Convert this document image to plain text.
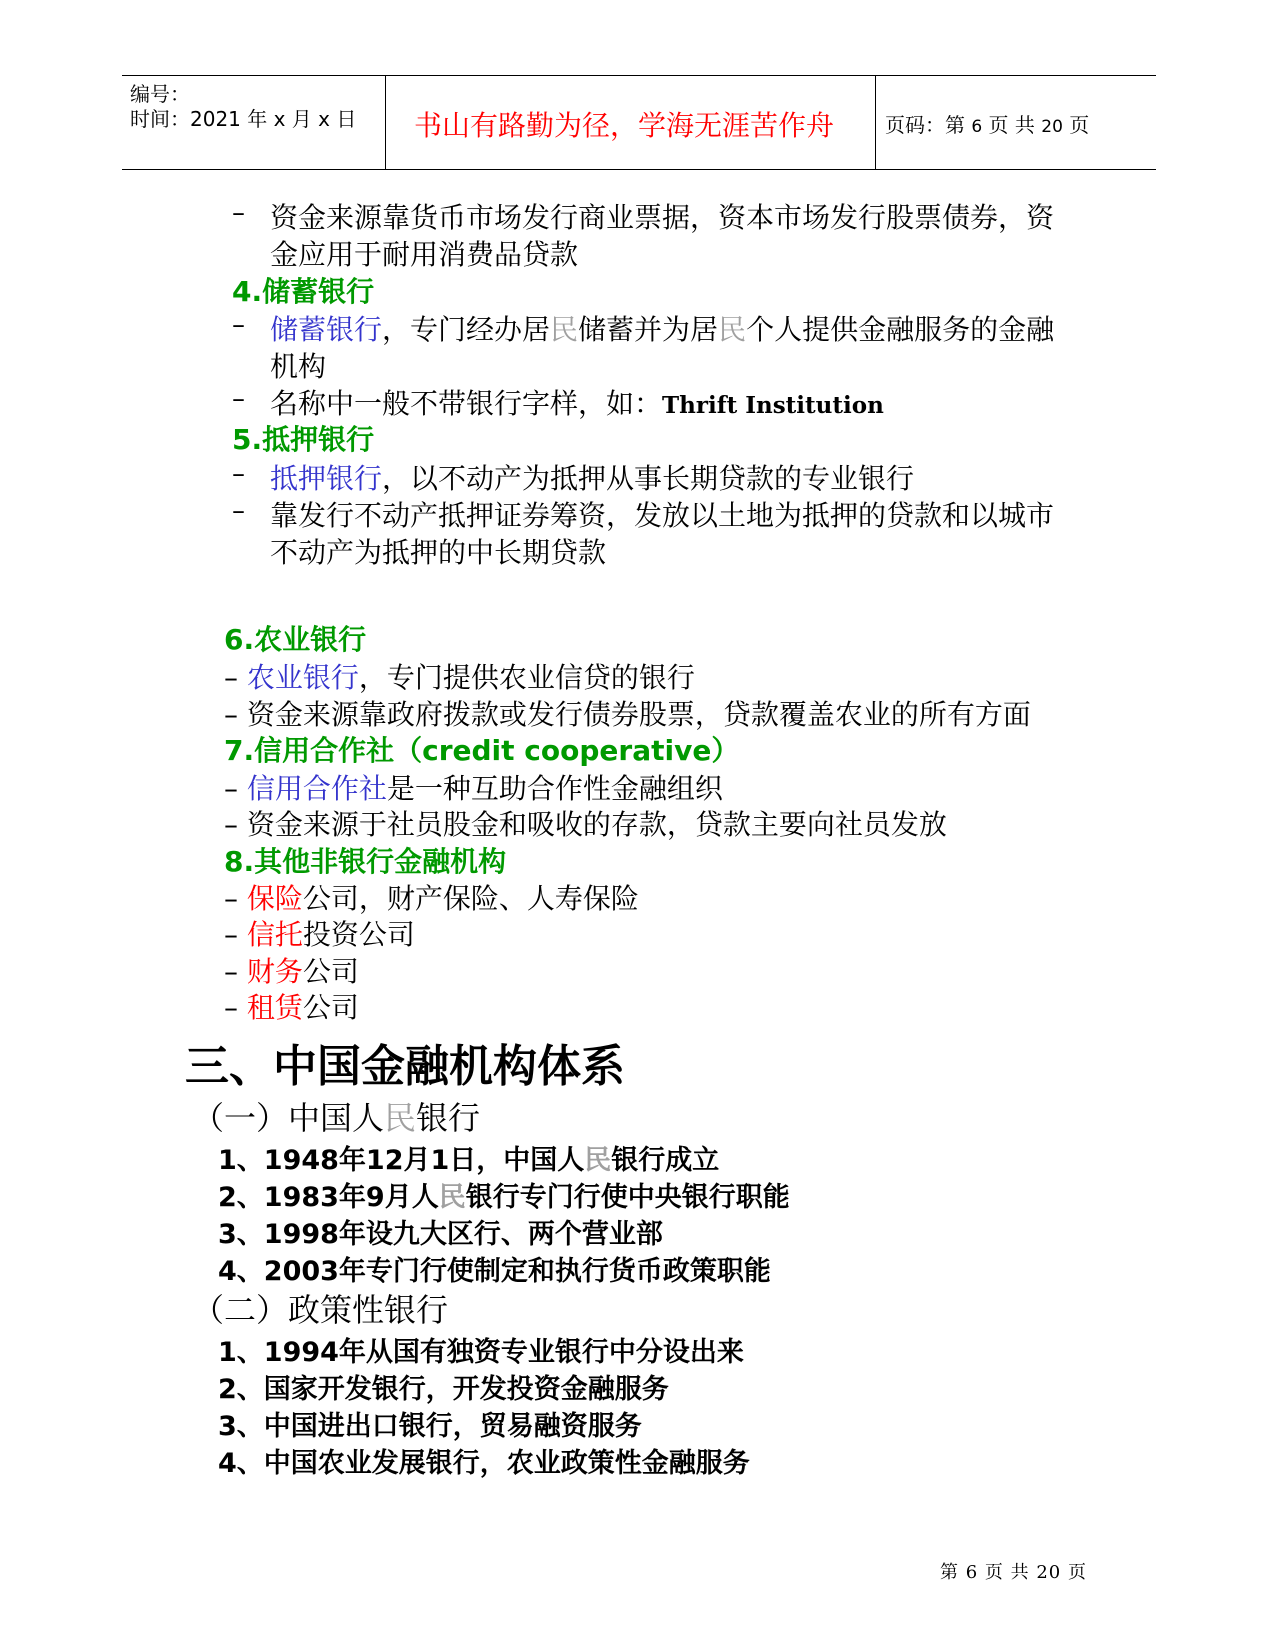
编号：
时间：2021 年 x 月 x 日 书山有路勤为径，学海无涯苦作舟	页码：第 6 页 共 20 页
– 资金来源靠货币市场发行商业票据，资本市场发行股票债券，资
金应用于耐用消费品贷款
4.储蓄银行
– 储蓄银行，专门经办居民储蓄并为居民个人提供金融服务的金融
机构
– 名称中一般不带银行字样，如：Thrift Institution
5.抵押银行
– 抵押银行，以不动产为抵押从事长期贷款的专业银行
– 靠发行不动产抵押证券筹资，发放以土地为抵押的贷款和以城市
不动产为抵押的中长期贷款
6.农业银行
– 农业银行，专门提供农业信贷的银行
– 资金来源靠政府拨款或发行债券股票，贷款覆盖农业的所有方面
7.信用合作社（credit cooperative）
– 信用合作社是一种互助合作性金融组织
– 资金来源于社员股金和吸收的存款，贷款主要向社员发放
8.其他非银行金融机构
– 保险公司，财产保险、人寿保险
– 信托投资公司
– 财务公司
– 租赁公司
三、中国金融机构体系
（一）中国人民银行
1、1948年12月1日，中国人民银行成立
2、1983年9月人民银行专门行使中央银行职能
3、1998年设九大区行、两个营业部
4、2003年专门行使制定和执行货币政策职能
（二）政策性银行
1、1994年从国有独资专业银行中分设出来
2、国家开发银行，开发投资金融服务
3、中国进出口银行，贸易融资服务
4、中国农业发展银行，农业政策性金融服务
第 6 页 共 20 页
